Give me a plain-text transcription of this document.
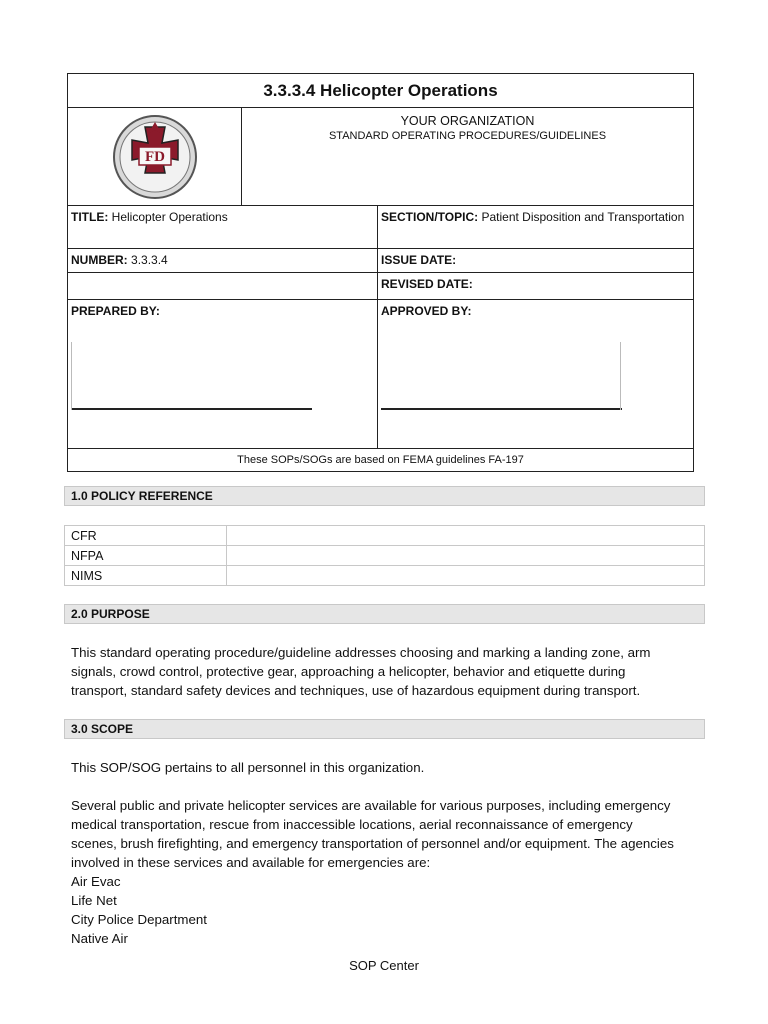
3.3.3.4 Helicopter Operations
FD
YOUR ORGANIZATION
STANDARD OPERATING PROCEDURES/GUIDELINES
TITLE: Helicopter Operations	SECTION/TOPIC: Patient Disposition and Transportation
NUMBER: 3.3.3.4	ISSUE DATE:
REVISED DATE:
PREPARED BY:	APPROVED BY:
These SOPs/SOGs are based on FEMA guidelines FA-197
1.0 POLICY REFERENCE
CFR	
NFPA	
NIMS	
2.0 PURPOSE

This standard operating procedure/guideline addresses choosing and marking a landing zone, arm signals, crowd control, protective gear, approaching a helicopter, behavior and etiquette during transport, standard safety devices and techniques, use of hazardous equipment during transport.

3.0 SCOPE

This SOP/SOG pertains to all personnel in this organization.

Several public and private helicopter services are available for various purposes, including emergency medical transportation, rescue from inaccessible locations, aerial reconnaissance of emergency scenes, brush firefighting, and emergency transportation of personnel and/or equipment. The agencies involved in these services and available for emergencies are:

Air Evac
Life Net
City Police Department
Native Air
SOP Center
